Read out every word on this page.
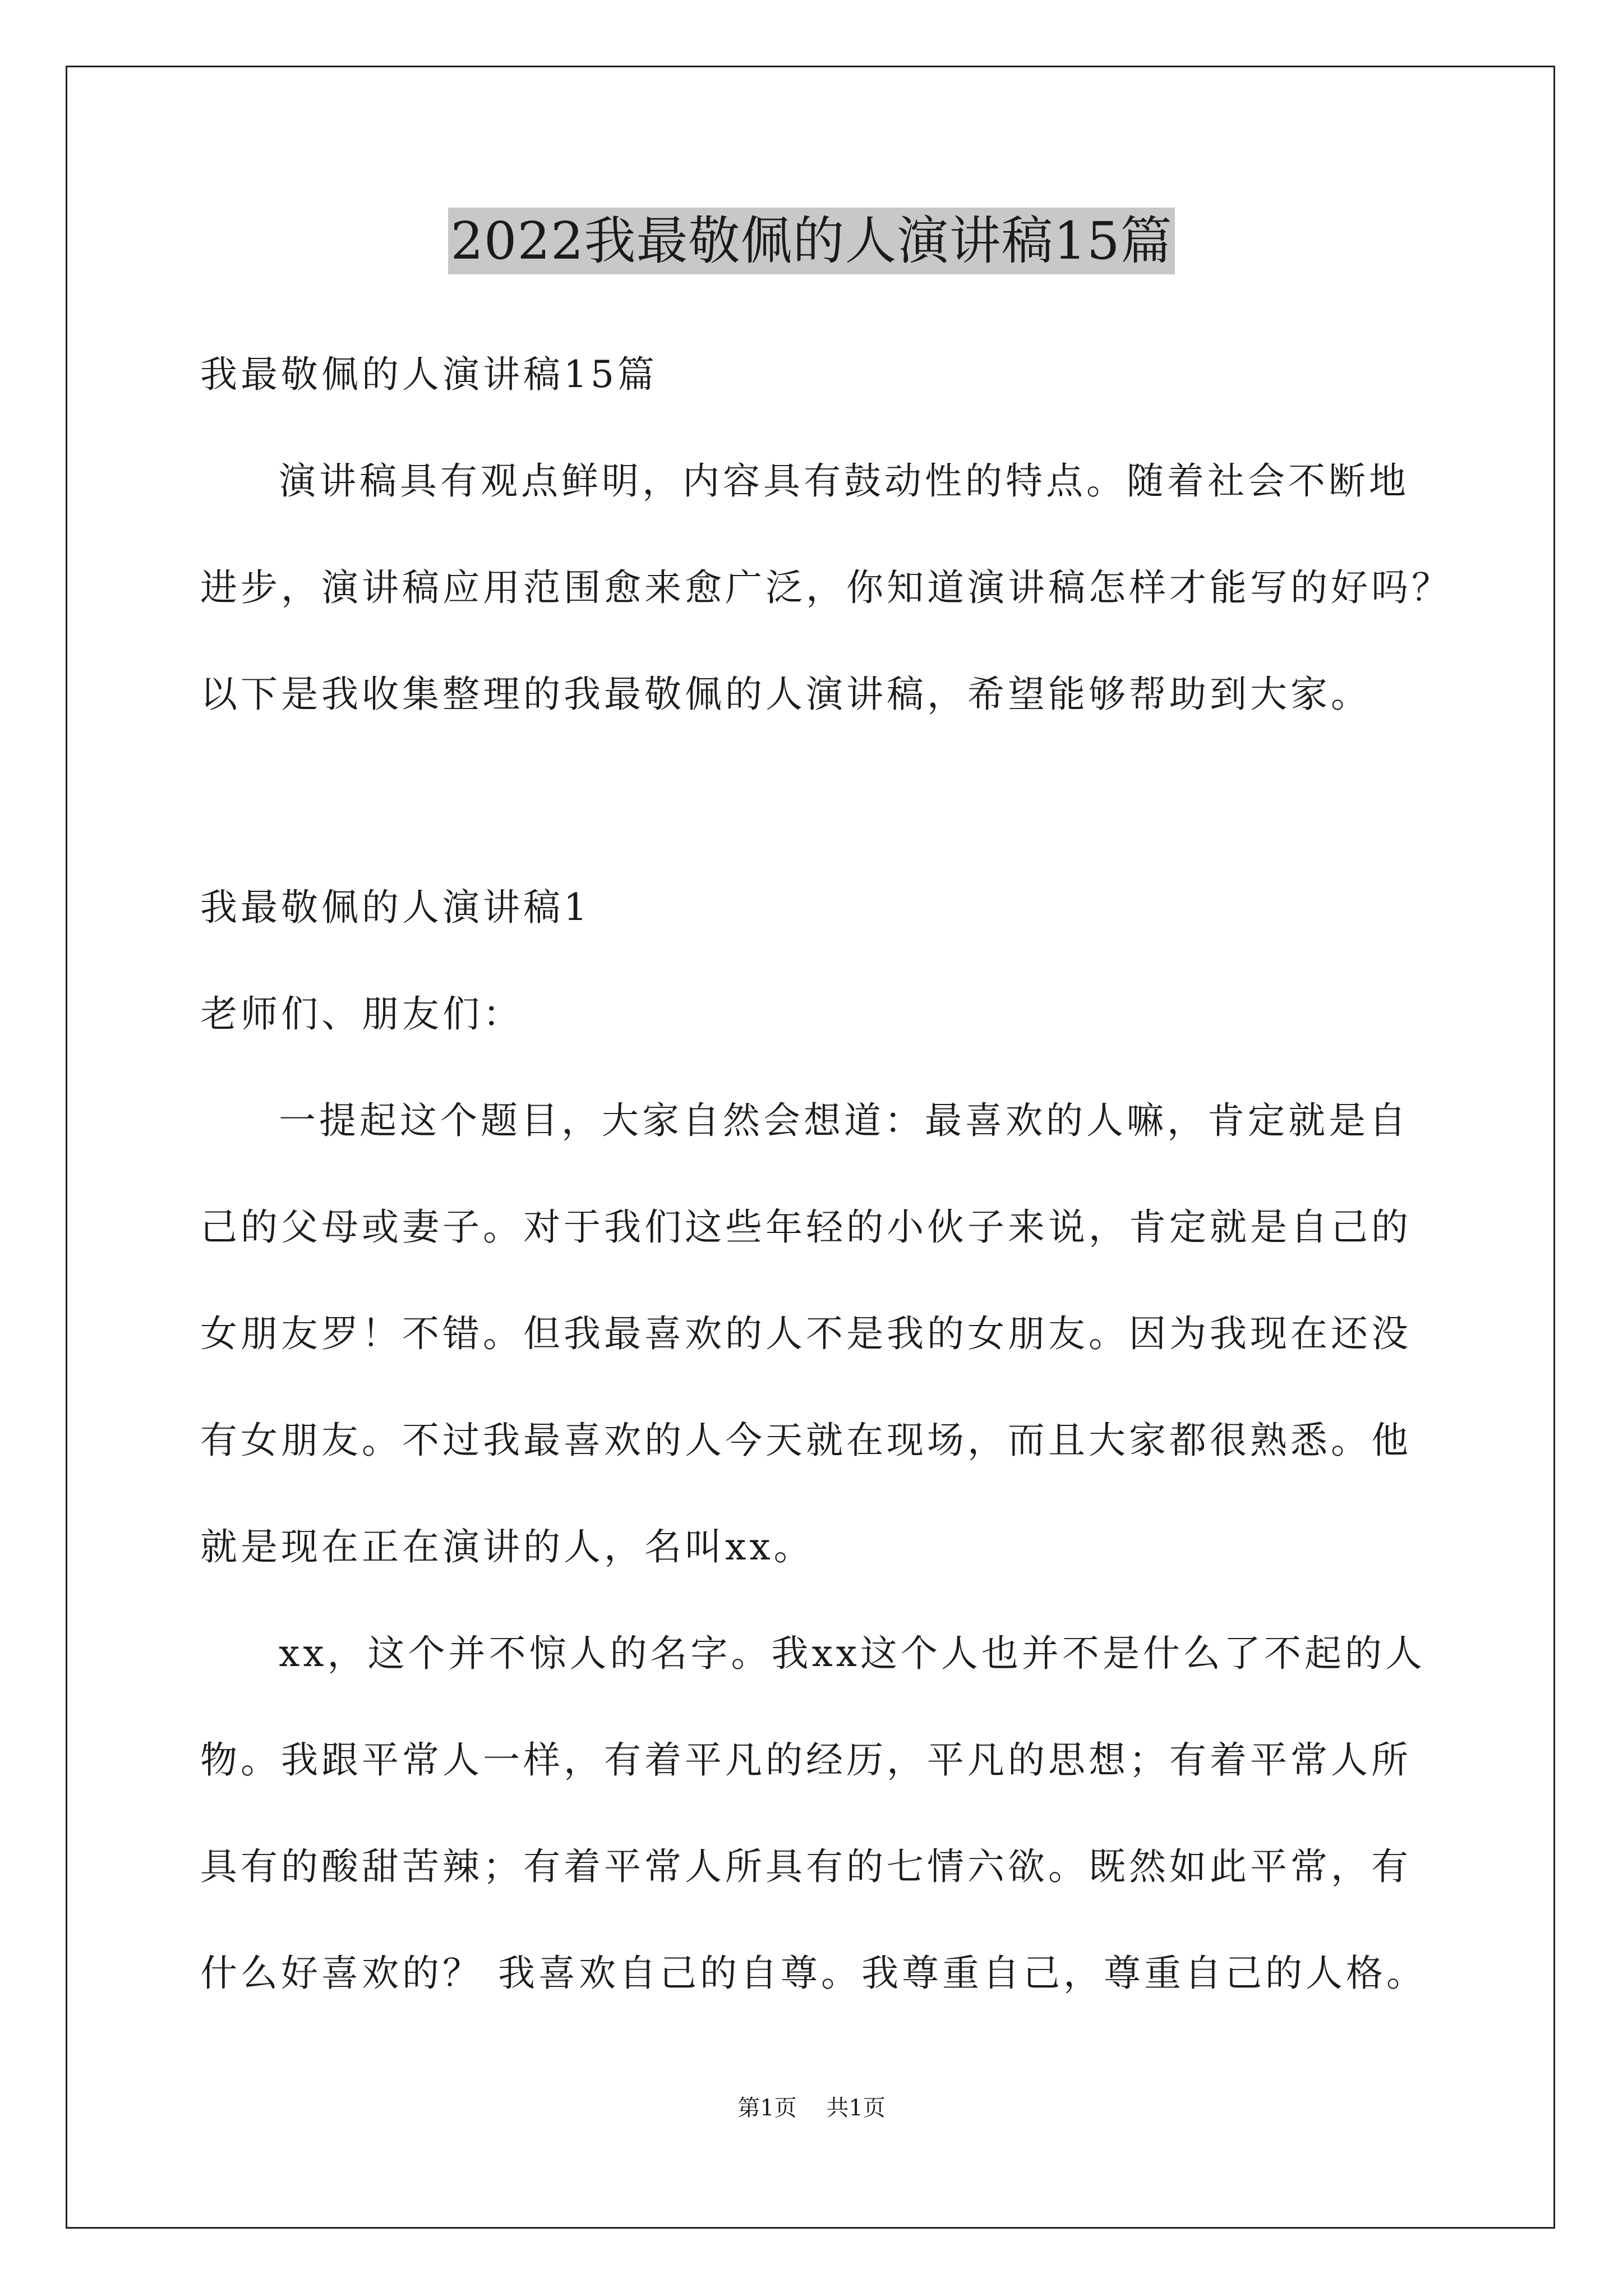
2022我最敬佩的人演讲稿15篇
我最敬佩的人演讲稿15篇
演讲稿具有观点鲜明，内容具有鼓动性的特点。随着社会不断地
进步，演讲稿应用范围愈来愈广泛，你知道演讲稿怎样才能写的好吗？
以下是我收集整理的我最敬佩的人演讲稿，希望能够帮助到大家。
我最敬佩的人演讲稿1
老师们、朋友们：
一提起这个题目，大家自然会想道：最喜欢的人嘛，肯定就是自
己的父母或妻子。对于我们这些年轻的小伙子来说，肯定就是自己的
女朋友罗！不错。但我最喜欢的人不是我的女朋友。因为我现在还没
有女朋友。不过我最喜欢的人今天就在现场，而且大家都很熟悉。他
就是现在正在演讲的人，名叫xx。
xx，这个并不惊人的名字。我xx这个人也并不是什么了不起的人
物。我跟平常人一样，有着平凡的经历，平凡的思想；有着平常人所
具有的酸甜苦辣；有着平常人所具有的七情六欲。既然如此平常，有
什么好喜欢的？ 我喜欢自己的自尊。我尊重自己，尊重自己的人格。
第1页 共1页
